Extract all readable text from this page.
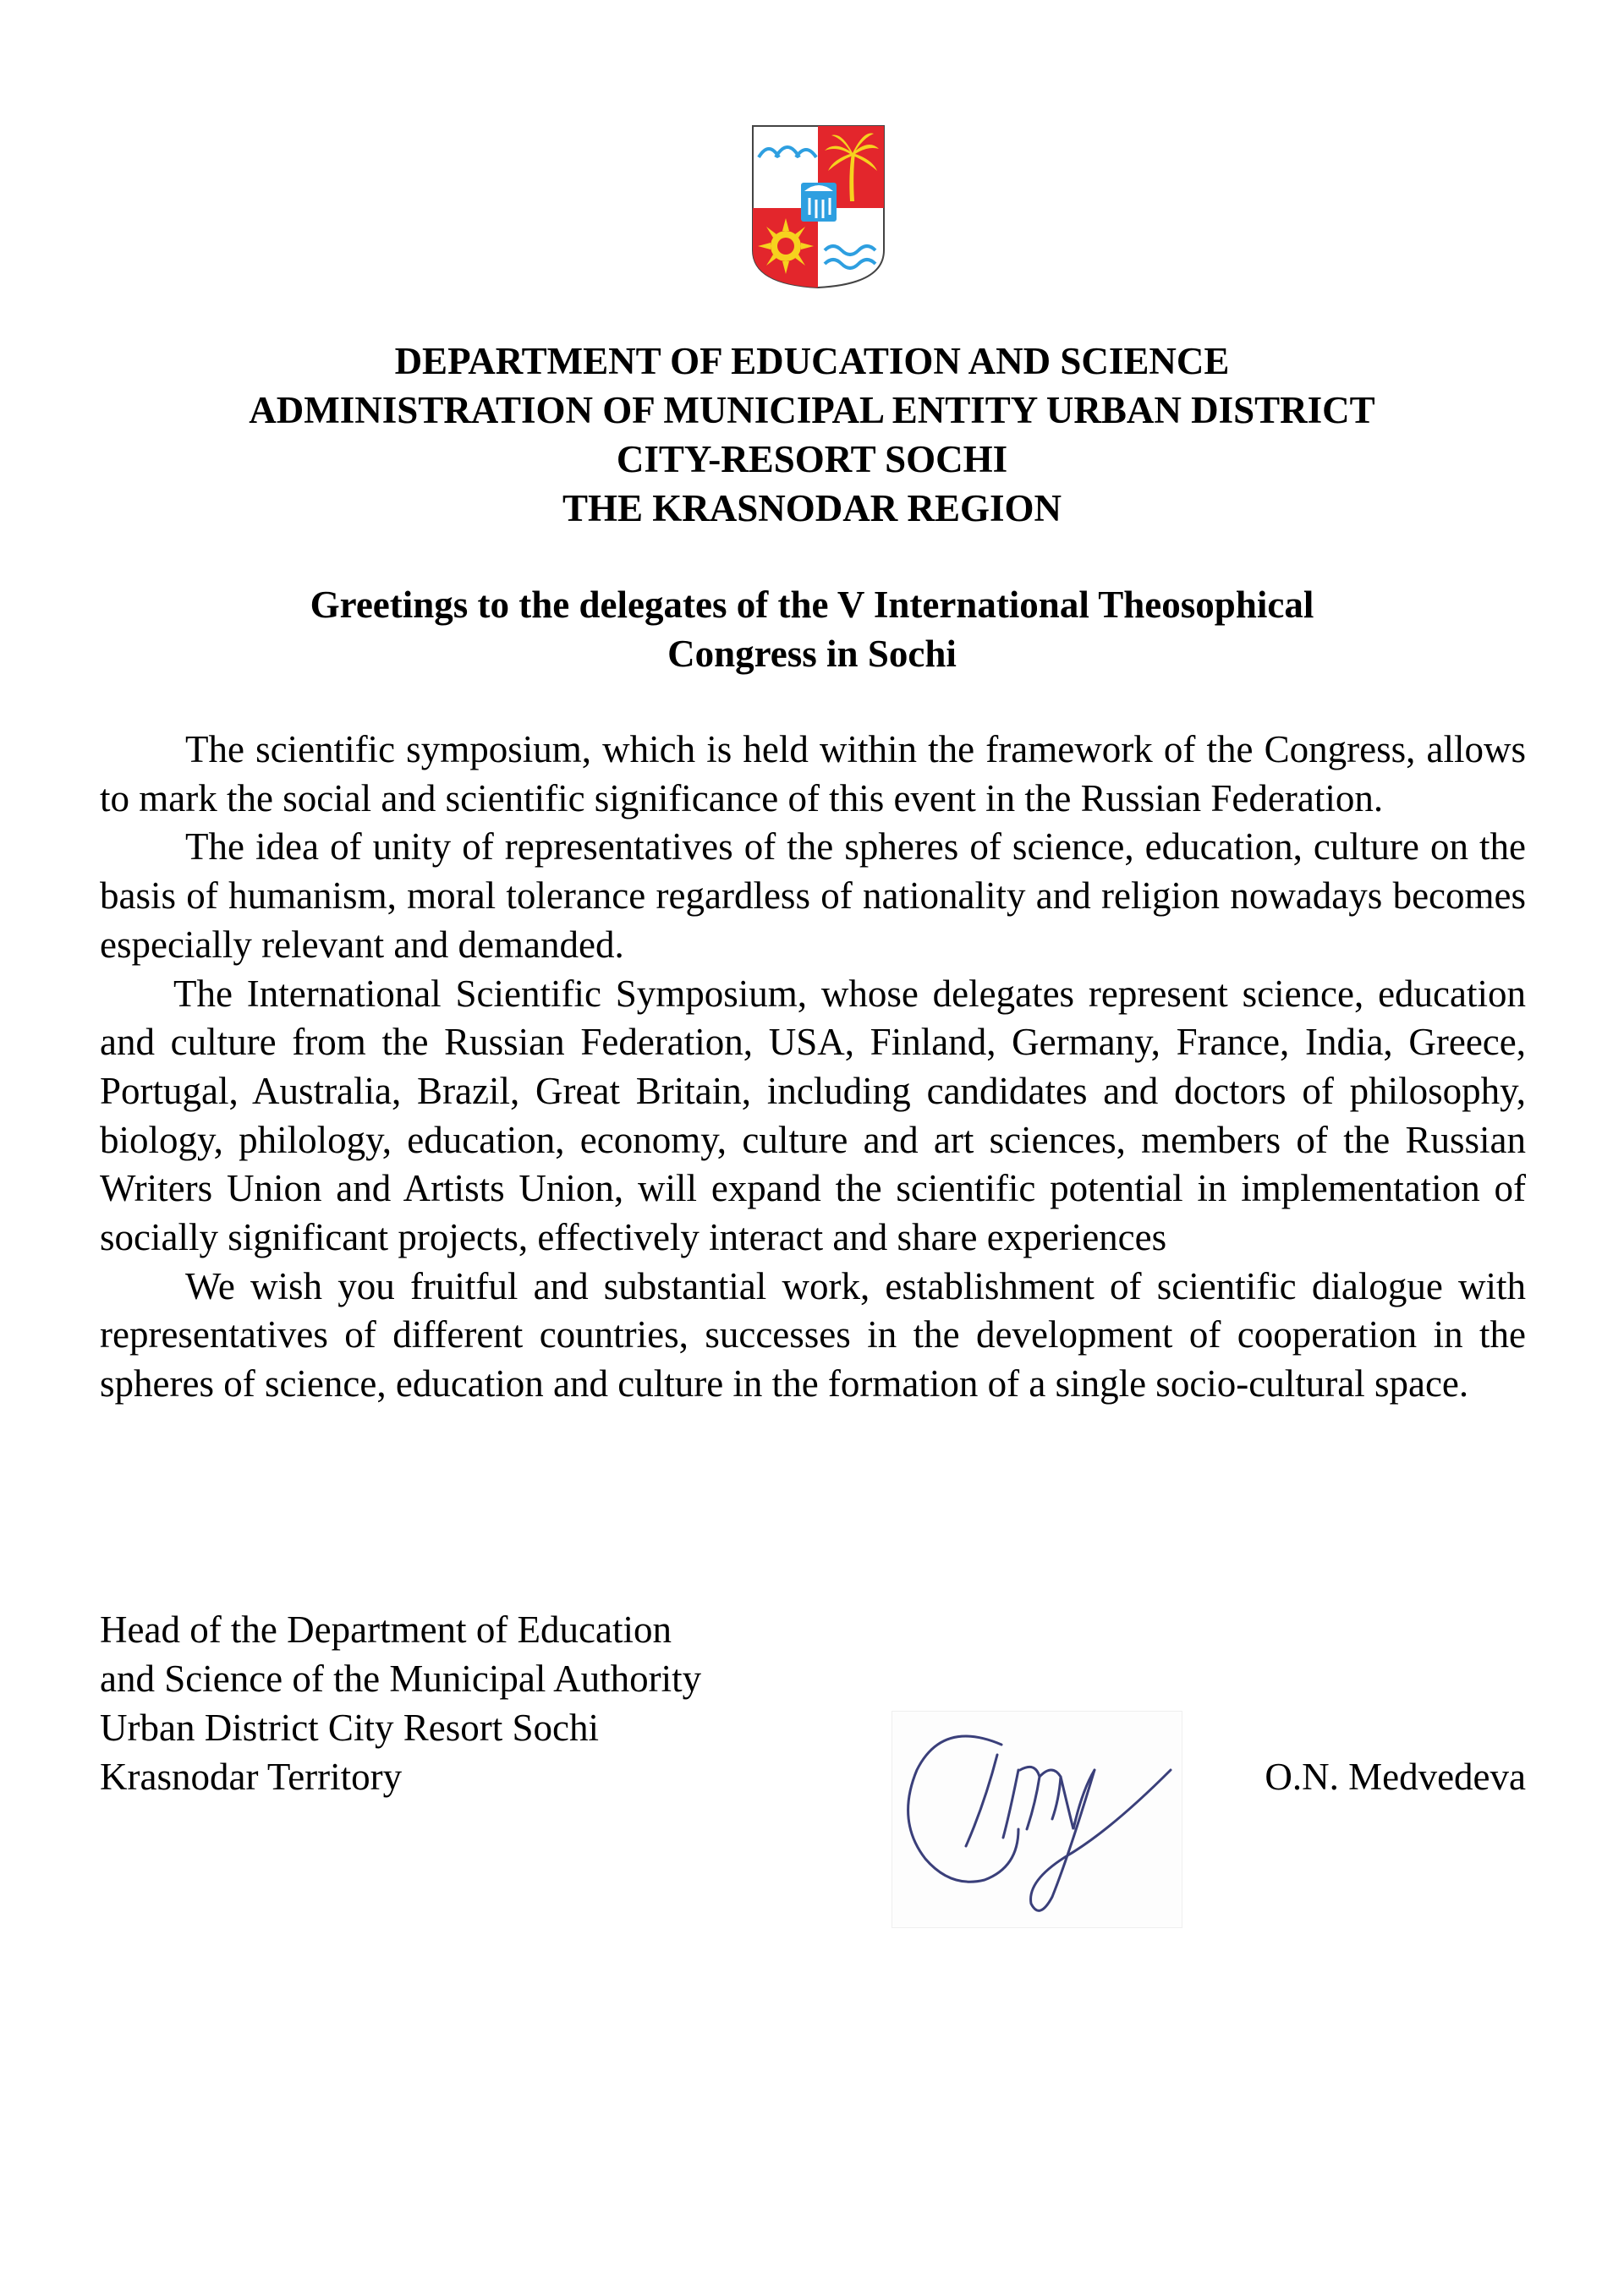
DEPARTMENT OF EDUCATION AND SCIENCE
ADMINISTRATION OF MUNICIPAL ENTITY URBAN DISTRICT
CITY-RESORT SOCHI
THE KRASNODAR REGION
Greetings to the delegates of the V International Theosophical
Congress in Sochi

The scientific symposium, which is held within the framework of the Congress, allows to mark the social and scientific significance of this event in the Russian Federation.

The idea of unity of representatives of the spheres of science, education, culture on the basis of humanism, moral tolerance regardless of nationality and religion nowadays becomes especially relevant and demanded.

The International Scientific Symposium, whose delegates represent science, education and culture from the Russian Federation, USA, Finland, Germany, France, India, Greece, Portugal, Australia, Brazil, Great Britain, including candidates and doctors of philosophy, biology, philology, education, economy, culture and art sciences, members of the Russian Writers Union and Artists Union, will expand the scientific potential in implementation of socially significant projects, effectively interact and share experiences

We wish you fruitful and substantial work, establishment of scientific dialogue with representatives of different countries, successes in the development of cooperation in the spheres of science, education and culture in the formation of a single socio-cultural space.

Head of the Department of Education
and Science of the Municipal Authority
Urban District City Resort Sochi
Krasnodar Territory	O.N. Medvedeva
